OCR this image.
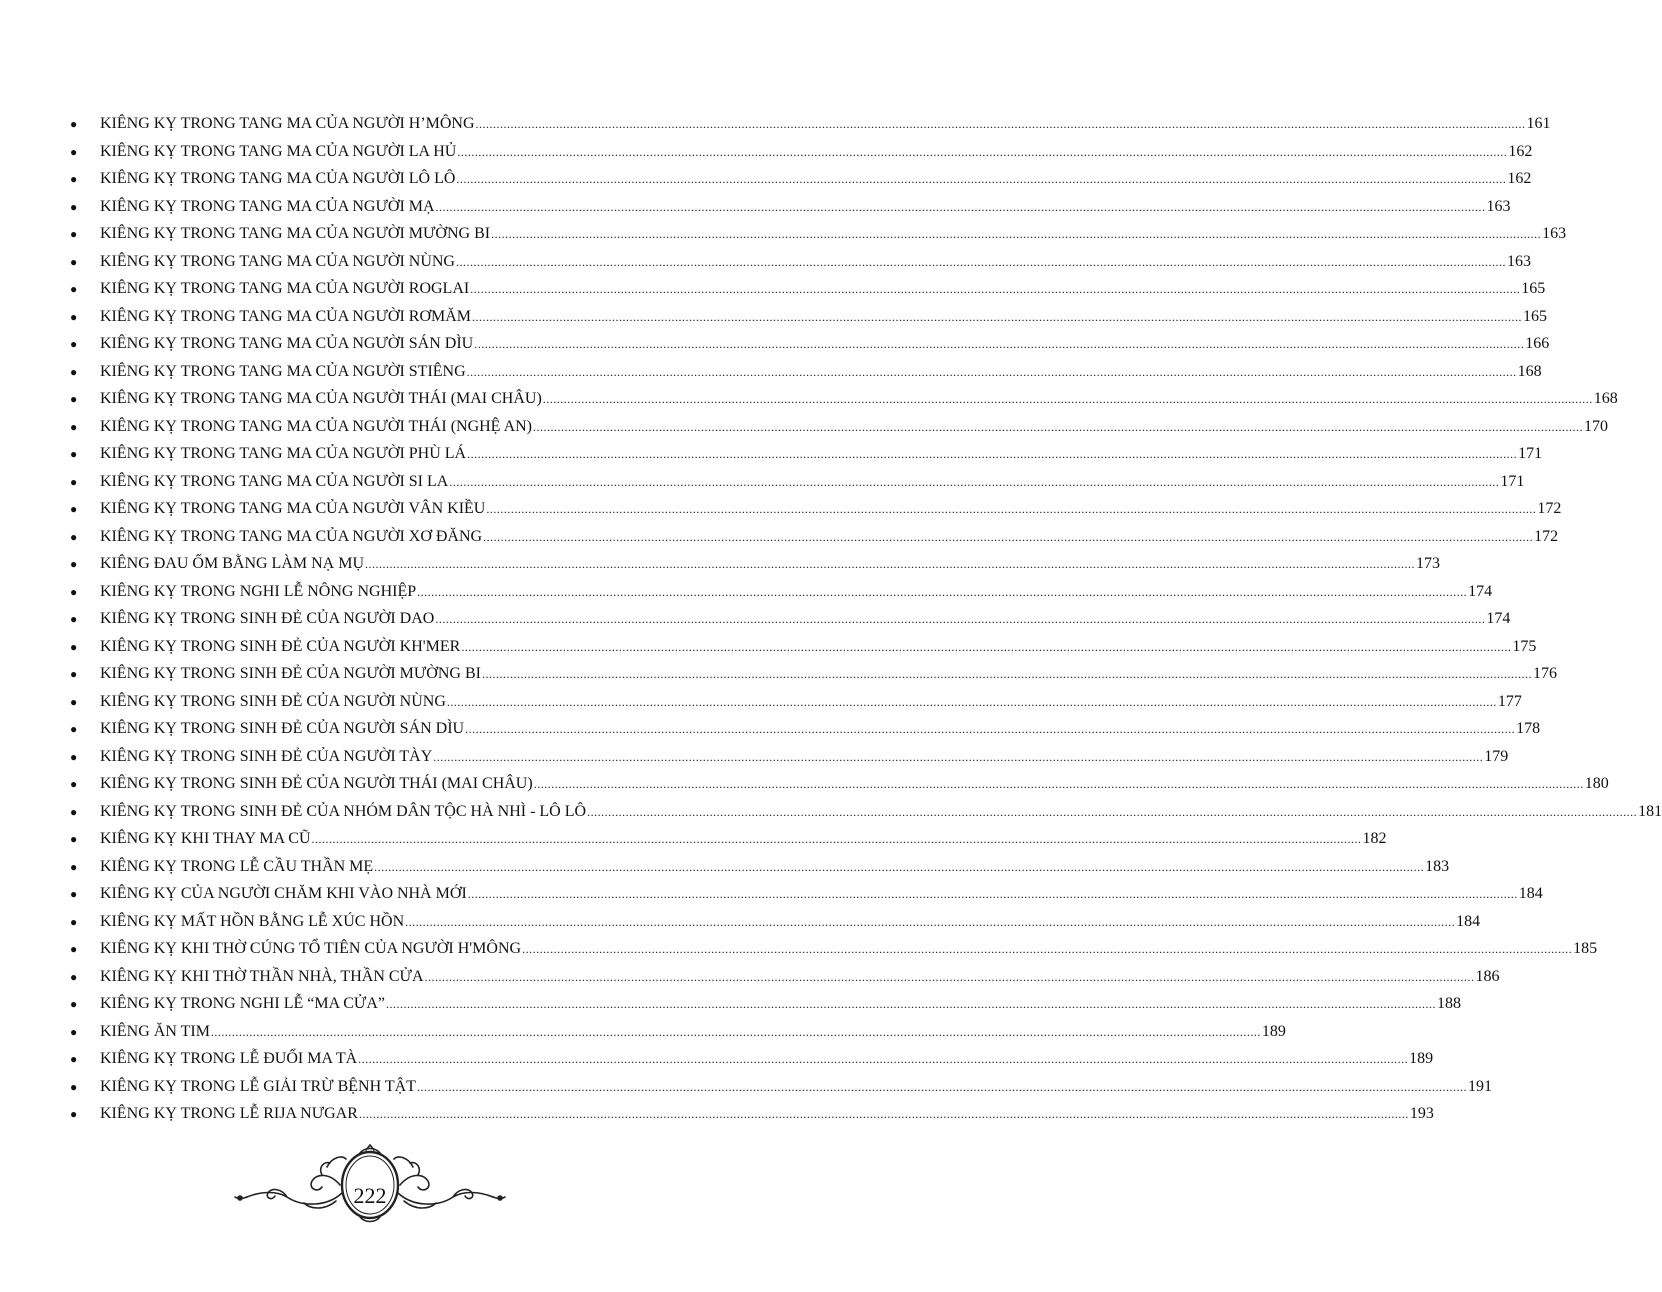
●	KIÊNG KỴ TRONG TANG MA CỦA NGƯỜI H’MÔNG ............................................................................................................................................................................................................................................................................................................ 161
●	KIÊNG KỴ TRONG TANG MA CỦA NGƯỜI LA HỦ ............................................................................................................................................................................................................................................................................................................ 162
●	KIÊNG KỴ TRONG TANG MA CỦA NGƯỜI LÔ LÔ ............................................................................................................................................................................................................................................................................................................ 162
●	KIÊNG KỴ TRONG TANG MA CỦA NGƯỜI MẠ ............................................................................................................................................................................................................................................................................................................ 163
●	KIÊNG KỴ TRONG TANG MA CỦA NGƯỜI MƯỜNG BI ............................................................................................................................................................................................................................................................................................................ 163
●	KIÊNG KỴ TRONG TANG MA CỦA NGƯỜI NÙNG ............................................................................................................................................................................................................................................................................................................ 163
●	KIÊNG KỴ TRONG TANG MA CỦA NGƯỜI ROGLAI ............................................................................................................................................................................................................................................................................................................ 165
●	KIÊNG KỴ TRONG TANG MA CỦA NGƯỜI RƠMĂM ............................................................................................................................................................................................................................................................................................................ 165
●	KIÊNG KỴ TRONG TANG MA CỦA NGƯỜI SÁN DÌU ............................................................................................................................................................................................................................................................................................................ 166
●	KIÊNG KỴ TRONG TANG MA CỦA NGƯỜI STIÊNG ............................................................................................................................................................................................................................................................................................................ 168
●	KIÊNG KỴ TRONG TANG MA CỦA NGƯỜI THÁI (MAI CHÂU) ............................................................................................................................................................................................................................................................................................................ 168
●	KIÊNG KỴ TRONG TANG MA CỦA NGƯỜI THÁI (NGHỆ AN) ............................................................................................................................................................................................................................................................................................................ 170
●	KIÊNG KỴ TRONG TANG MA CỦA NGƯỜI PHÙ LÁ ............................................................................................................................................................................................................................................................................................................ 171
●	KIÊNG KỴ TRONG TANG MA CỦA NGƯỜI SI LA ............................................................................................................................................................................................................................................................................................................ 171
●	KIÊNG KỴ TRONG TANG MA CỦA NGƯỜI VÂN KIỀU ............................................................................................................................................................................................................................................................................................................ 172
●	KIÊNG KỴ TRONG TANG MA CỦA NGƯỜI XƠ ĐĂNG ............................................................................................................................................................................................................................................................................................................ 172
●	KIÊNG ĐAU ỐM BẰNG LÀM NẠ MỤ ............................................................................................................................................................................................................................................................................................................ 173
●	KIÊNG KỴ TRONG NGHI LỄ NÔNG NGHIỆP ............................................................................................................................................................................................................................................................................................................ 174
●	KIÊNG KỴ TRONG SINH ĐẺ CỦA NGƯỜI DAO ............................................................................................................................................................................................................................................................................................................ 174
●	KIÊNG KỴ TRONG SINH ĐẺ CỦA NGƯỜI KH'MER ............................................................................................................................................................................................................................................................................................................ 175
●	KIÊNG KỴ TRONG SINH ĐẺ CỦA NGƯỜI MƯỜNG BI ............................................................................................................................................................................................................................................................................................................ 176
●	KIÊNG KỴ TRONG SINH ĐẺ CỦA NGƯỜI NÙNG ............................................................................................................................................................................................................................................................................................................ 177
●	KIÊNG KỴ TRONG SINH ĐẺ CỦA NGƯỜI SÁN DÌU ............................................................................................................................................................................................................................................................................................................ 178
●	KIÊNG KỴ TRONG SINH ĐẺ CỦA NGƯỜI TÀY ............................................................................................................................................................................................................................................................................................................ 179
●	KIÊNG KỴ TRONG SINH ĐẺ CỦA NGƯỜI THÁI (MAI CHÂU) ............................................................................................................................................................................................................................................................................................................ 180
●	KIÊNG KỴ TRONG SINH ĐẺ CỦA NHÓM DÂN TỘC HÀ NHÌ - LÔ LÔ ............................................................................................................................................................................................................................................................................................................ 181
●	KIÊNG KỴ KHI THAY MA CŨ ............................................................................................................................................................................................................................................................................................................ 182
●	KIÊNG KỴ TRONG LỄ CẦU THẦN MẸ ............................................................................................................................................................................................................................................................................................................ 183
●	KIÊNG KỴ CỦA NGƯỜI CHĂM KHI VÀO NHÀ MỚI ............................................................................................................................................................................................................................................................................................................ 184
●	KIÊNG KỴ MẤT HỒN BẰNG LỄ XÚC HỒN ............................................................................................................................................................................................................................................................................................................ 184
●	KIÊNG KỴ KHI THỜ CÚNG TỔ TIÊN CỦA NGƯỜI H'MÔNG ............................................................................................................................................................................................................................................................................................................ 185
●	KIÊNG KỴ KHI THỜ THẦN NHÀ, THẦN CỬA ............................................................................................................................................................................................................................................................................................................ 186
●	KIÊNG KỴ TRONG NGHI LỄ “MA CỬA” ............................................................................................................................................................................................................................................................................................................ 188
●	KIÊNG ĂN TIM ............................................................................................................................................................................................................................................................................................................ 189
●	KIÊNG KỴ TRONG LỄ ĐUỔI MA TÀ ............................................................................................................................................................................................................................................................................................................ 189
●	KIÊNG KỴ TRONG LỄ GIẢI TRỪ BỆNH TẬT ............................................................................................................................................................................................................................................................................................................ 191
●	KIÊNG KỴ TRONG LỄ RIJA NƯGAR ............................................................................................................................................................................................................................................................................................................ 193
222
